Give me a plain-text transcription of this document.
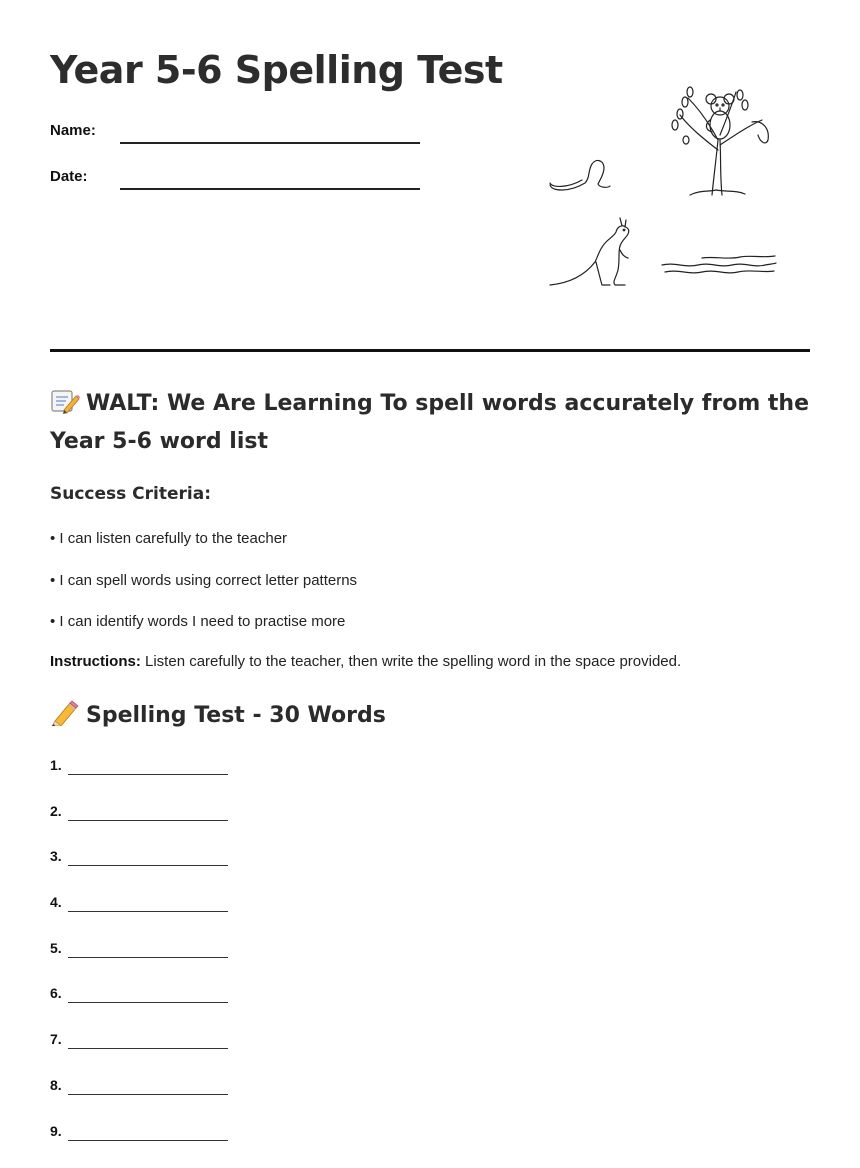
Year 5-6 Spelling Test
Name:
Date:
WALT: We Are Learning To spell words accurately from the Year 5-6 word list
Success Criteria:
• I can listen carefully to the teacher
• I can spell words using correct letter patterns
• I can identify words I need to practise more

Instructions: Listen carefully to the teacher, then write the spelling word in the space provided.

Spelling Test - 30 Words
1.
2.
3.
4.
5.
6.
7.
8.
9.
